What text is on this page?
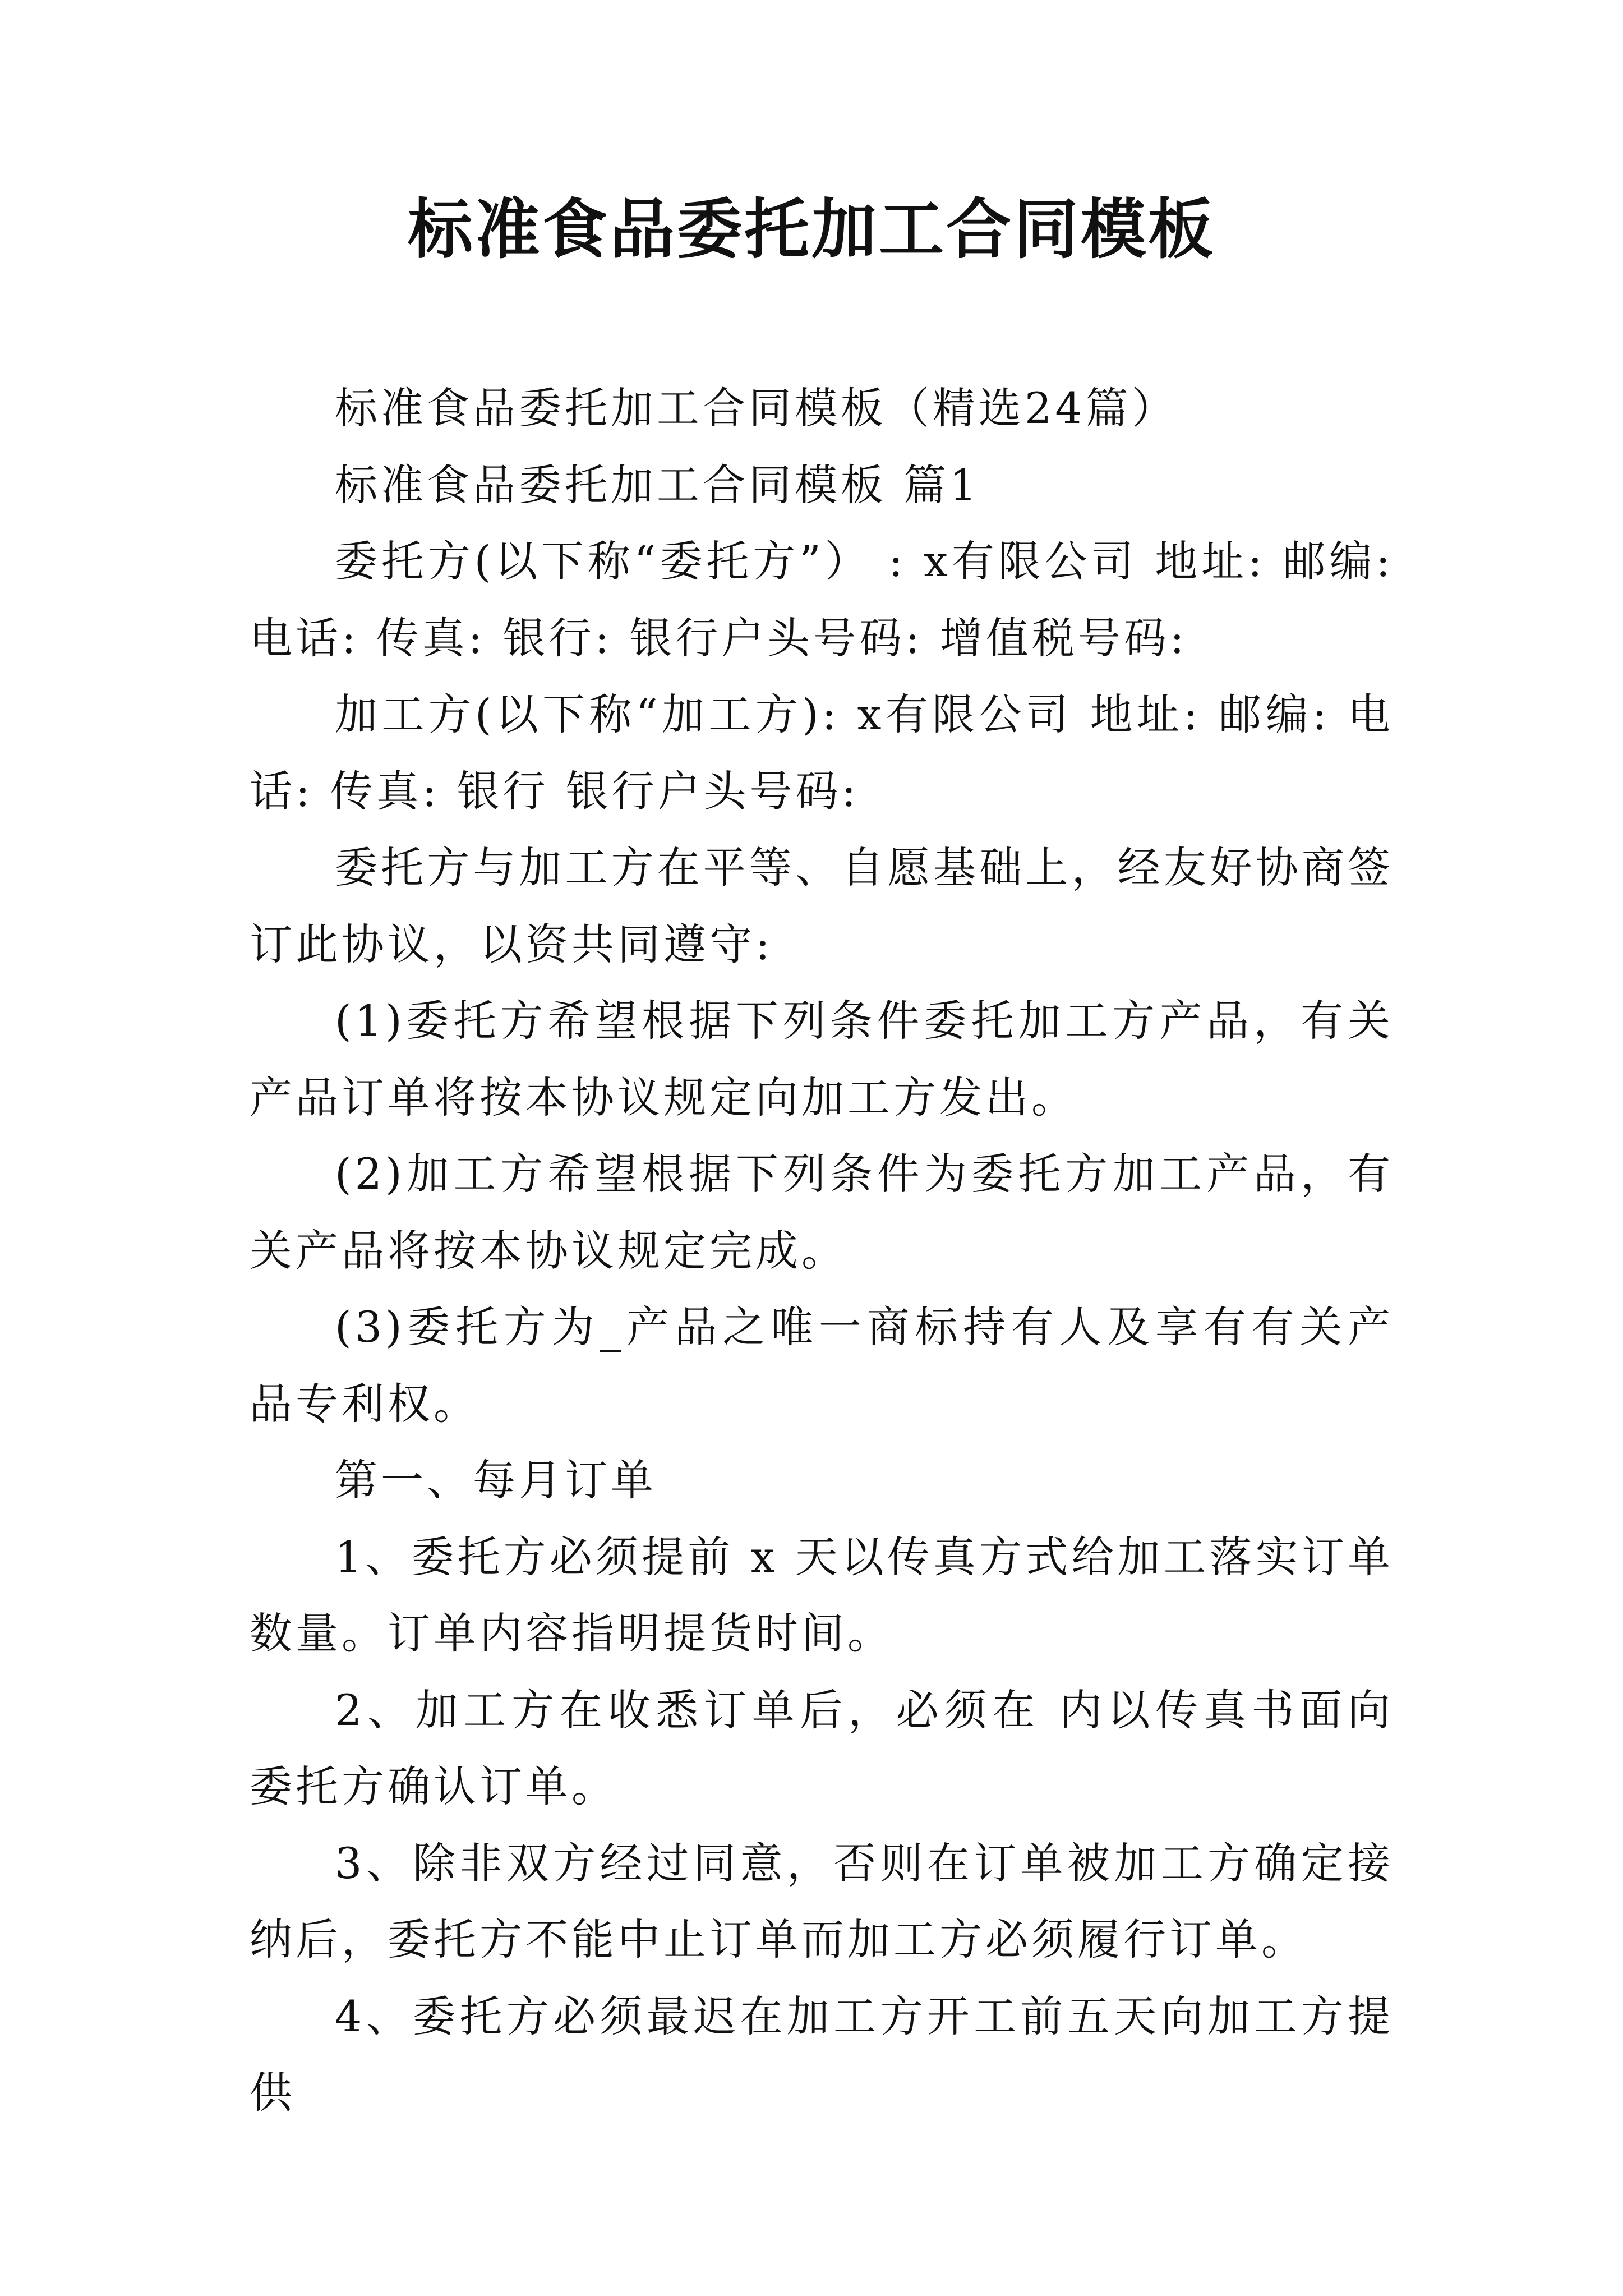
标准食品委托加工合同模板

标准食品委托加工合同模板（精选24篇）

标准食品委托加工合同模板 篇1

委托方(以下称“委托方”） : x有限公司 地址: 邮编: 电话: 传真: 银行: 银行户头号码: 增值税号码:

加工方(以下称“加工方): x有限公司 地址: 邮编: 电话: 传真: 银行 银行户头号码:

委托方与加工方在平等、自愿基础上，经友好协商签订此协议，以资共同遵守:

(1)委托方希望根据下列条件委托加工方产品，有关产品订单将按本协议规定向加工方发出。

(2)加工方希望根据下列条件为委托方加工产品，有关产品将按本协议规定完成。

(3)委托方为_产品之唯一商标持有人及享有有关产品专利权。

第一、每月订单

1、委托方必须提前 x 天以传真方式给加工落实订单数量。订单内容指明提货时间。

2、加工方在收悉订单后，必须在 内以传真书面向委托方确认订单。

3、除非双方经过同意，否则在订单被加工方确定接纳后，委托方不能中止订单而加工方必须履行订单。

4、委托方必须最迟在加工方开工前五天向加工方提供
